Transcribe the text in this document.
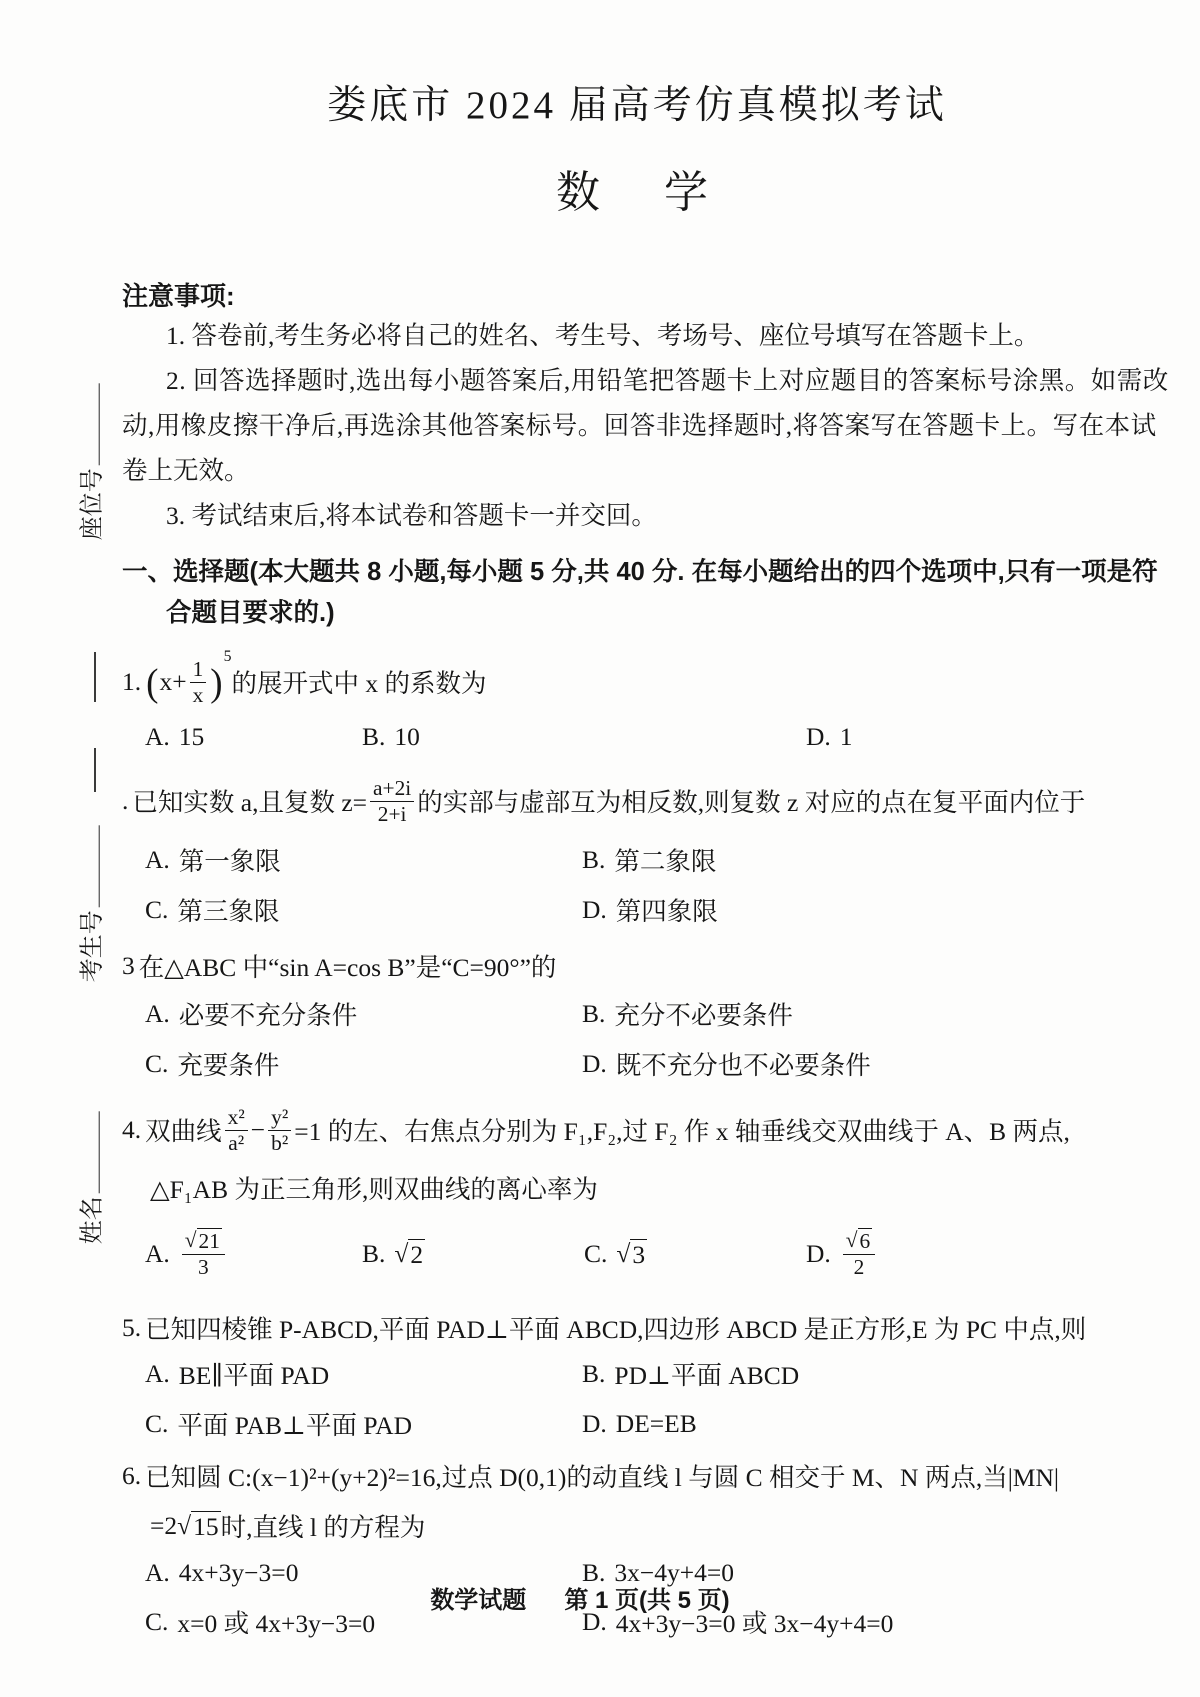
座位号
考生号
姓名
娄底市 2024 届高考仿真模拟考试
数　学
注意事项:
1. 答卷前,考生务必将自己的姓名、考生号、考场号、座位号填写在答题卡上。
2. 回答选择题时,选出每小题答案后,用铅笔把答题卡上对应题目的答案标号涂黑。如需改
动,用橡皮擦干净后,再选涂其他答案标号。回答非选择题时,将答案写在答题卡上。写在本试
卷上无效。
3. 考试结束后,将本试卷和答题卡一并交回。
一、选择题(本大题共 8 小题,每小题 5 分,共 40 分. 在每小题给出的四个选项中,只有一项是符
合题目要求的.)
1. ( $x+ \frac{1}{x}$ )
5
的展开式中 x 的系数为
A. 15	B. 10	D. 1
. 已知实数 a,且复数 $z= \frac{a+2i}{2+i}$ 的实部与虚部互为相反数,则复数 z 对应的点在复平面内位于
A. 第一象限	B. 第二象限
C. 第三象限	D. 第四象限
3 在△ABC 中“sin A=cos B”是“C=90°”的
A. 必要不充分条件	B. 充分不必要条件
C. 充要条件	D. 既不充分也不必要条件
4. 双曲线 $\frac{\text{x²}}{\text{a²}} - \frac{\text{y²}}{\text{b²}} =1$ 的左、右焦点分别为 F₁,F₂,过 F₂ 作 x 轴垂线交双曲线于 A、B 两点,
△F₁AB 为正三角形,则双曲线的离心率为
A. $\frac{√ 21}{3}$	B. √ 2	C. √ 3	D. $\frac{√ 6}{2}$
5. 已知四棱锥 P-ABCD,平面 PAD⊥平面 ABCD,四边形 ABCD 是正方形,E 为 PC 中点,则
A. BE∥平面 PAD	B. PD⊥平面 ABCD
C. 平面 PAB⊥平面 PAD	D. DE=EB
6. 已知圆 C:(x−1)²+(y+2)²=16,过点 D(0,1)的动直线 l 与圆 C 相交于 M、N 两点,当|MN|
=2 √ 15 时,直线 l 的方程为
A. 4x+3y−3=0	B. 3x−4y+4=0
C. x=0 或 4x+3y−3=0	D. 4x+3y−3=0 或 3x−4y+4=0
数学试题 第 1 页(共 5 页)
